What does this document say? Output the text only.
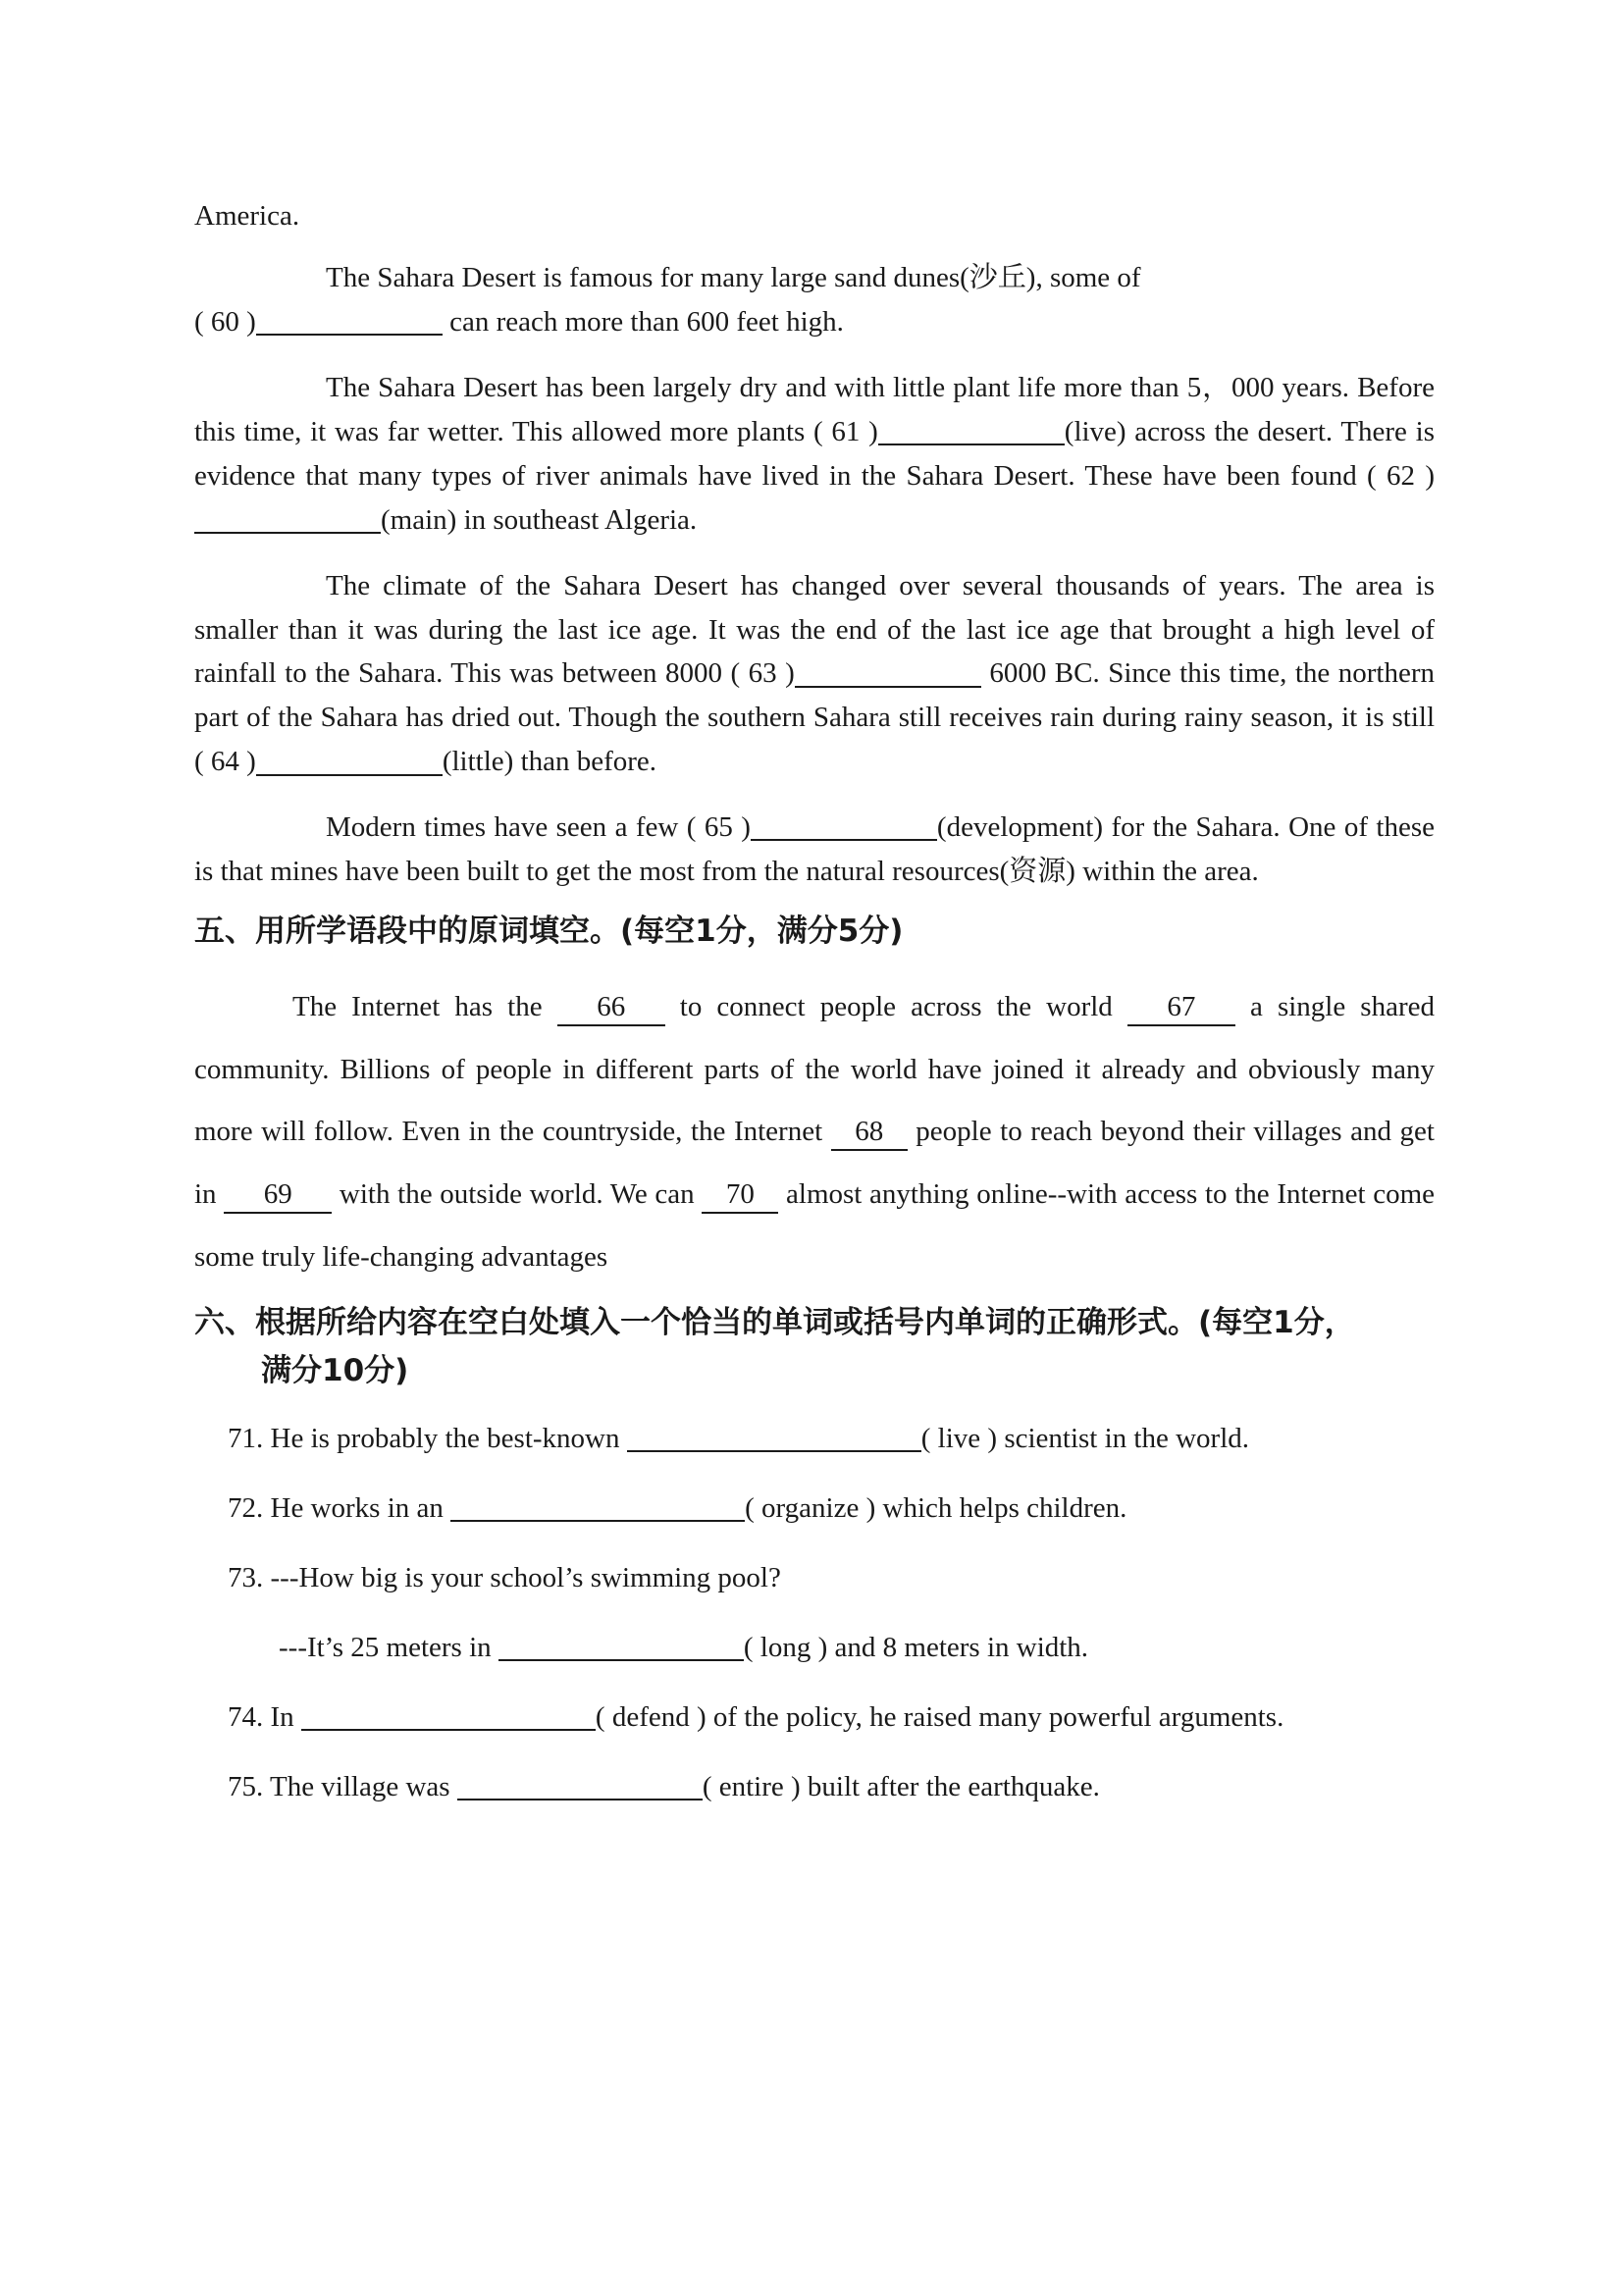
America.

The Sahara Desert is famous for many large sand dunes(沙丘), some of
( 60 )	can reach more than 600 feet high.

The Sahara Desert has been largely dry and with little plant life more than 5，000 years. Before this time, it was far wetter. This allowed more plants ( 61 )	(live) across the desert. There is evidence that many types of river animals have lived in the Sahara Desert. These have been found ( 62 )(main) in southeast Algeria.

The climate of the Sahara Desert has changed over several thousands of years. The area is smaller than it was during the last ice age. It was the end of the last ice age that brought a high level of rainfall to the Sahara. This was between 8000 ( 63 )	6000 BC. Since this time, the northern part of the Sahara has dried out. Though the southern Sahara still receives rain during rainy season, it is still ( 64 )	(little) than before.

Modern times have seen a few ( 65 )	(development) for the Sahara. One of these is that mines have been built to get the most from the natural resources(资源) within the area.

五、用所学语段中的原词填空。(每空1分，满分5分)

The Internet has the 66 to connect people across the world 67 a single shared community. Billions of people in different parts of the world have joined it already and obviously many more will follow. Even in the countryside, the Internet 68 people to reach beyond their villages and get in 69 with the outside world. We can 70 almost anything online--with access to the Internet come some truly life-changing advantages

六、根据所给内容在空白处填入一个恰当的单词或括号内单词的正确形式。(每空1分，

满分10分)

71. He is probably the best-known	( live ) scientist in the world.

72. He works in an	( organize ) which helps children.

73. ---How big is your school’s swimming pool?

---It’s 25 meters in	( long ) and 8 meters in width.

74. In	( defend ) of the policy, he raised many powerful arguments.

75. The village was	( entire ) built after the earthquake.
